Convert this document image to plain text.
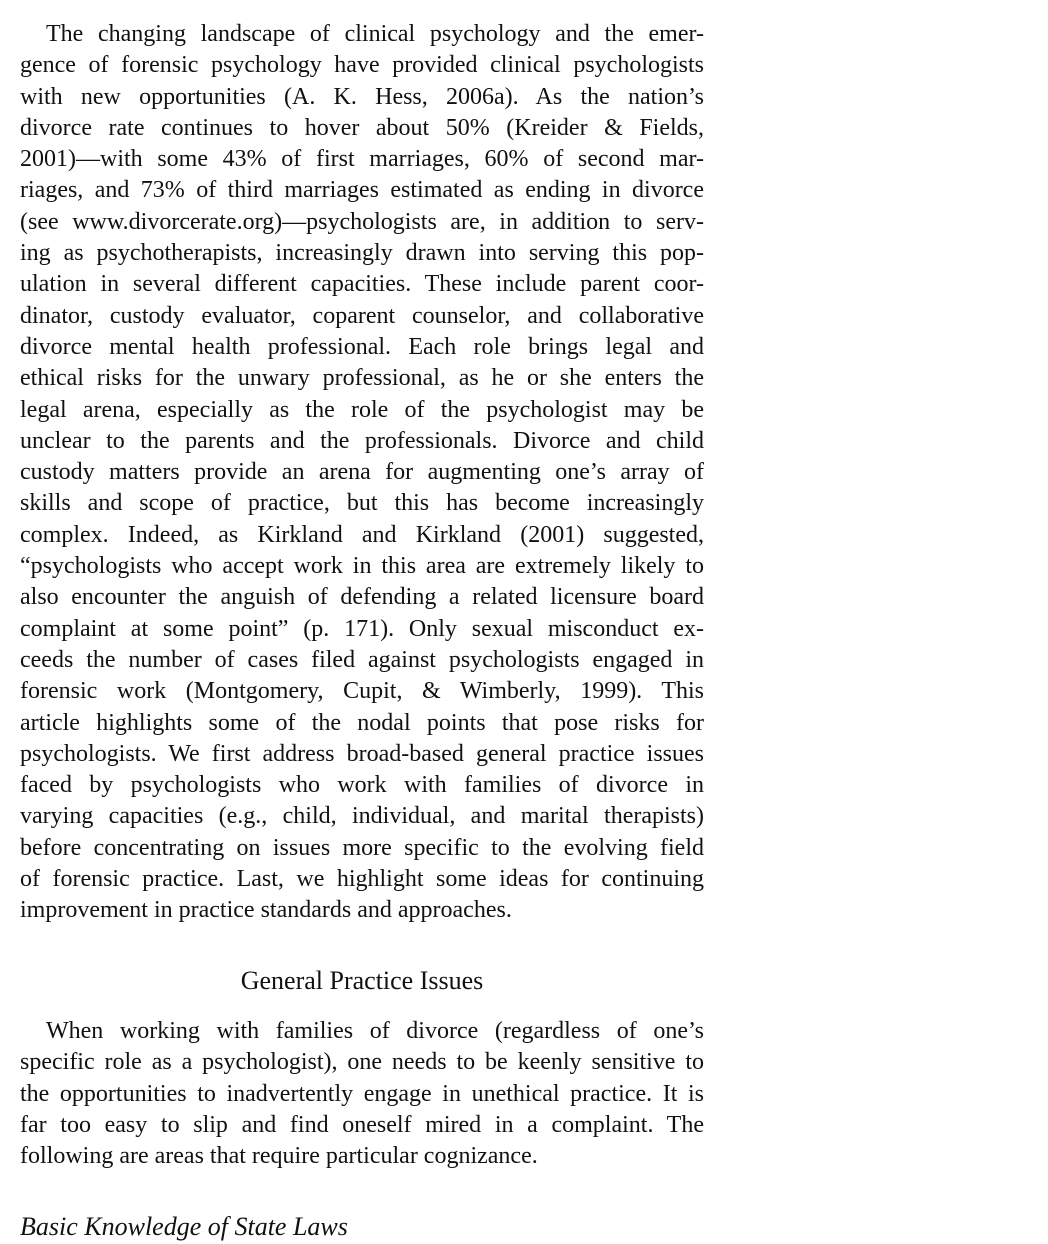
The changing landscape of clinical psychology and the emer-
gence of forensic psychology have provided clinical psychologists
with new opportunities (A. K. Hess, 2006a). As the nation’s
divorce rate continues to hover about 50% (Kreider & Fields,
2001)—with some 43% of first marriages, 60% of second mar-
riages, and 73% of third marriages estimated as ending in divorce
(see www.divorcerate.org)—psychologists are, in addition to serv-
ing as psychotherapists, increasingly drawn into serving this pop-
ulation in several different capacities. These include parent coor-
dinator, custody evaluator, coparent counselor, and collaborative
divorce mental health professional. Each role brings legal and
ethical risks for the unwary professional, as he or she enters the
legal arena, especially as the role of the psychologist may be
unclear to the parents and the professionals. Divorce and child
custody matters provide an arena for augmenting one’s array of
skills and scope of practice, but this has become increasingly
complex. Indeed, as Kirkland and Kirkland (2001) suggested,
“psychologists who accept work in this area are extremely likely to
also encounter the anguish of defending a related licensure board
complaint at some point” (p. 171). Only sexual misconduct ex-
ceeds the number of cases filed against psychologists engaged in
forensic work (Montgomery, Cupit, & Wimberly, 1999). This
article highlights some of the nodal points that pose risks for
psychologists. We first address broad-based general practice issues
faced by psychologists who work with families of divorce in
varying capacities (e.g., child, individual, and marital therapists)
before concentrating on issues more specific to the evolving field
of forensic practice. Last, we highlight some ideas for continuing
improvement in practice standards and approaches.
General Practice Issues
When working with families of divorce (regardless of one’s
specific role as a psychologist), one needs to be keenly sensitive to
the opportunities to inadvertently engage in unethical practice. It is
far too easy to slip and find oneself mired in a complaint. The
following are areas that require particular cognizance.
Basic Knowledge of State Laws
